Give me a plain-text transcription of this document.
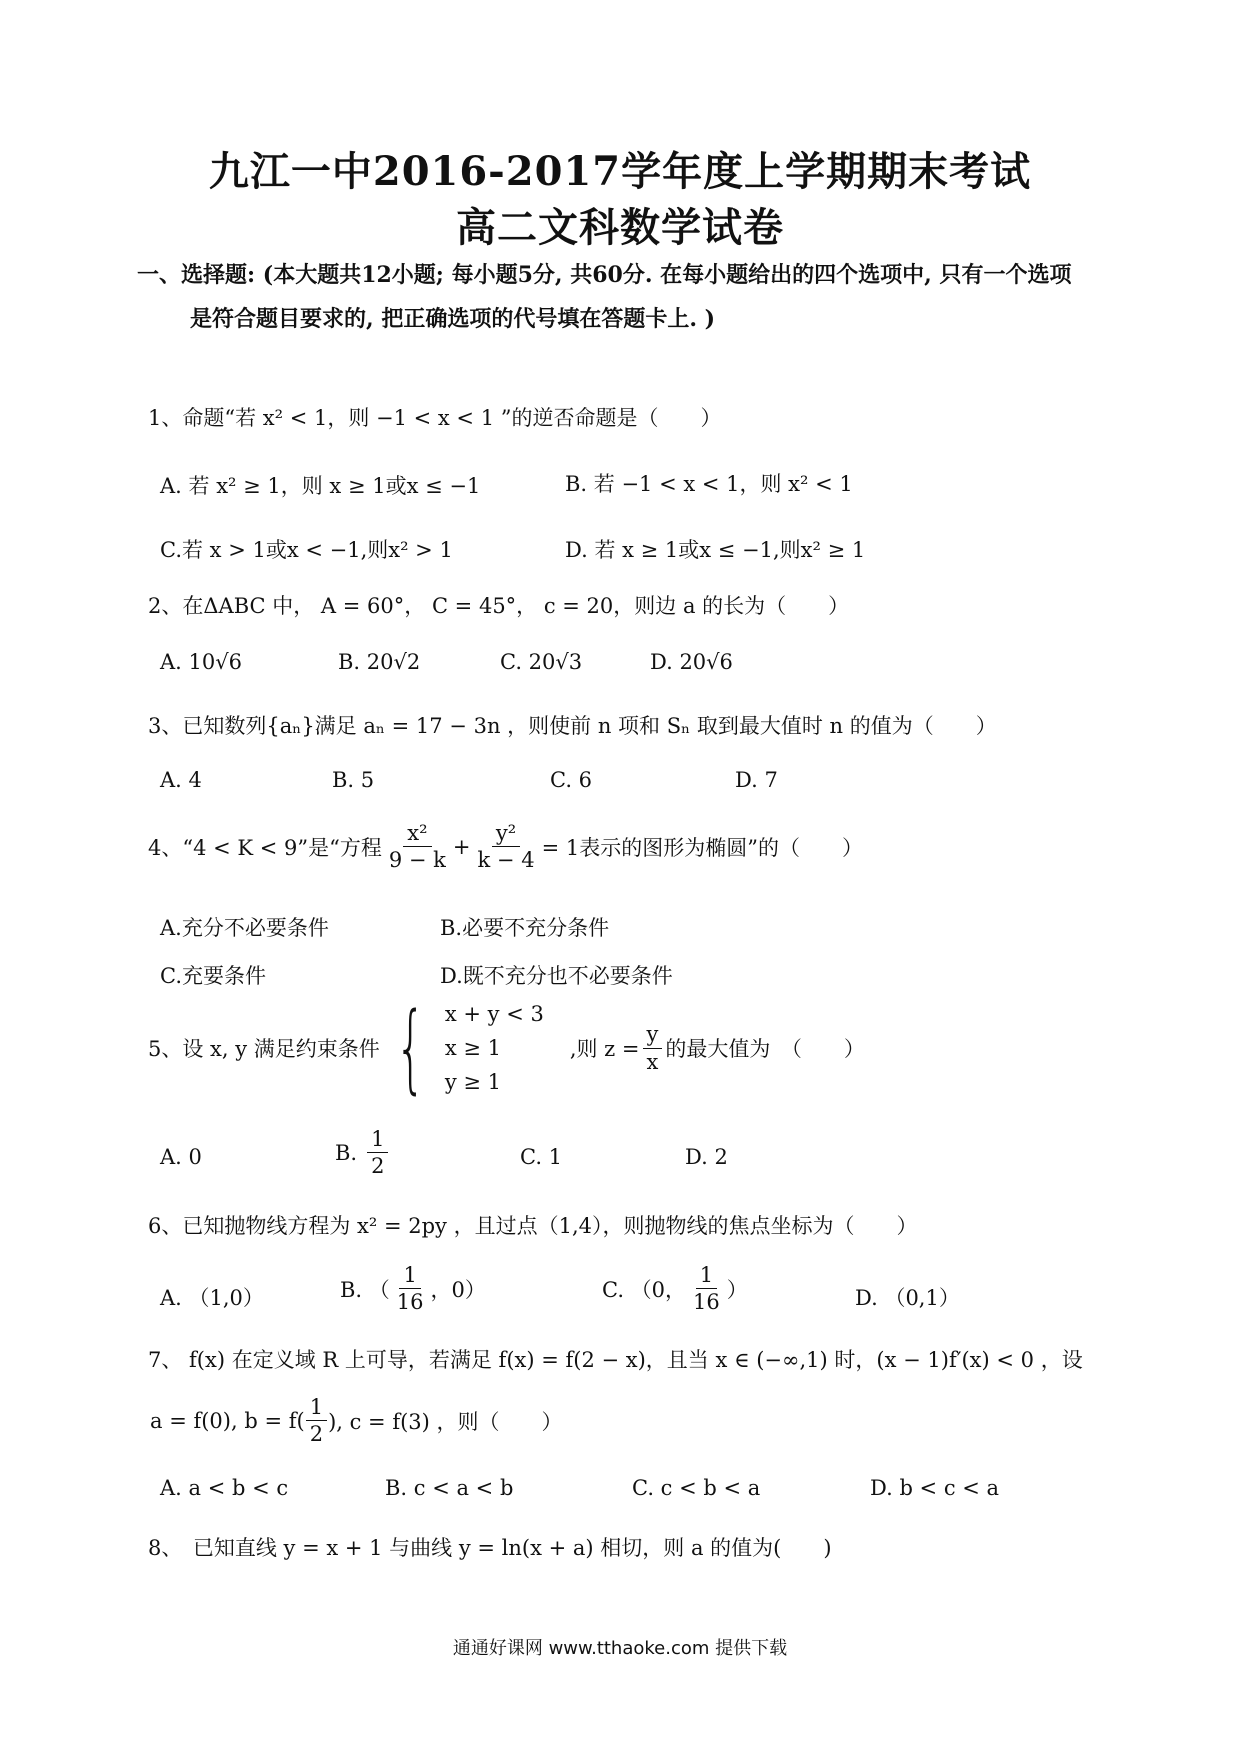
九江一中2016-2017学年度上学期期末考试
高二文科数学试卷
一、选择题: (本大题共12小题; 每小题5分, 共60分. 在每小题给出的四个选项中, 只有一个选项
是符合题目要求的, 把正确选项的代号填在答题卡上. )
1、命题“若 x² < 1，则 −1 < x < 1 ”的逆否命题是（　　）
A. 若 x² ≥ 1，则 x ≥ 1或x ≤ −1	B. 若 −1 < x < 1，则 x² < 1
C.若 x > 1或x < −1,则x² > 1	D. 若 x ≥ 1或x ≤ −1,则x² ≥ 1
2、在ΔABC 中， A = 60°， C = 45°， c = 20，则边 a 的长为（　　）
A. 10√6	B. 20√2	C. 20√3	D. 20√6
3、已知数列{aₙ}满足 aₙ = 17 − 3n ，则使前 n 项和 Sₙ 取到最大值时 n 的值为（　　）
A. 4	B. 5	C. 6	D. 7
4、“4 < K < 9”是“方程 $\frac{\text{x²}}{9 - k} + \frac{\text{y²}}{k - 4} = 1$表示的图形为椭圆”的（　　）
A.充分不必要条件	B.必要不充分条件
C.充要条件	D.既不充分也不必要条件
5、设 x, y 满足约束条件 { x + y < 3
x ≥ 1
y ≥ 1
,则 $z = \frac{y}{x}$ 的最大值为　（　　）
A. 0	B. $\frac{1}{2}$	C. 1	D. 2
6、已知抛物线方程为 x² = 2py ，且过点（1,4），则抛物线的焦点坐标为（　　）
A. （1,0）	B. （ $\frac{1}{16}$ ，0）	C. （0， $\frac{1}{16}$ ）	D. （0,1）
7、 f(x) 在定义域 R 上可导，若满足 f(x) = f(2 − x)，且当 x ∈ (−∞,1) 时，(x − 1)f′(x) < 0 ，设
a = f(0), $b = f( \frac{1}{2}$ ), c = f(3) ，则（　　）
A. a < b < c	B. c < a < b	C. c < b < a	D. b < c < a
8、　已知直线 y = x + 1 与曲线 y = ln(x + a) 相切，则 a 的值为(　　)
通通好课网 www.tthaoke.com 提供下载
